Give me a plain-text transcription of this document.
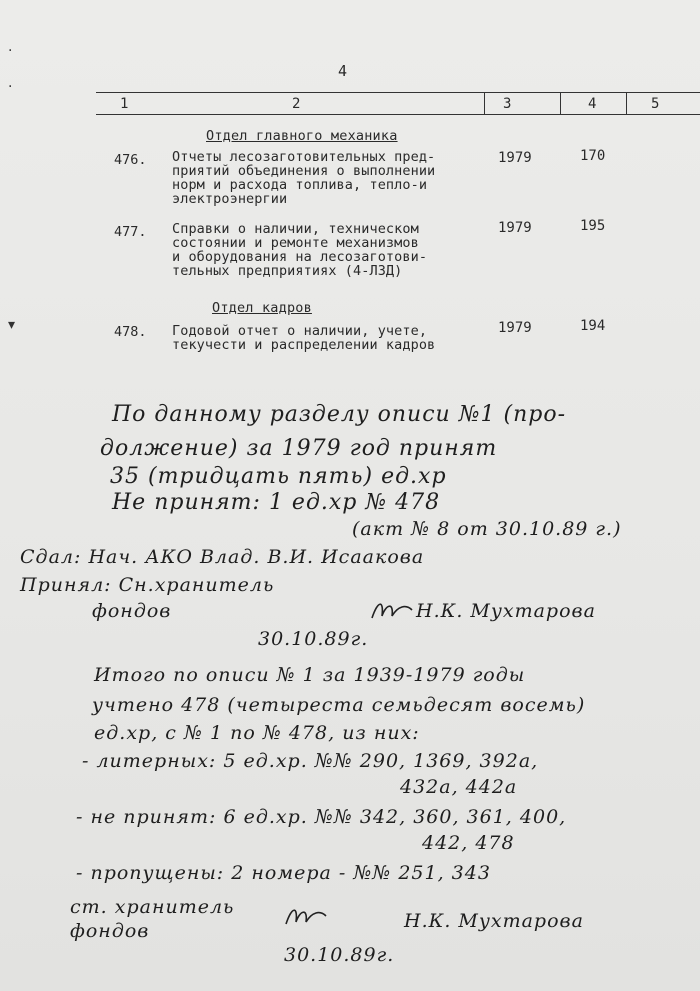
·
·
▾
4
1	2	3	4	5
Отдел главного механика
476. Отчеты лесозаготовительных пред-
приятий объединения о выполнении
норм и расхода топлива, тепло-и
электроэнергии
1979	170
477. Справки о наличии, техническом
состоянии и ремонте механизмов
и оборудования на лесозаготови-
тельных предприятиях (4-ЛЗД)
1979	195
Отдел кадров
478. Годовой отчет о наличии, учете,
текучести и распределении кадров
1979	194
По данному разделу описи №1 (про-
должение) за 1979 год принят
35 (тридцать пять) ед.хр
Не принят: 1 ед.хр № 478
(акт № 8 от 30.10.89 г.)
Сдал: Нач. АКО Влад. В.И. Исаакова
Принял: Сн.хранитель
фондов	Н.К. Мухтарова
30.10.89г.
Итого по описи № 1 за 1939-1979 годы
учтено 478 (четыреста семьдесят восемь)
ед.хр, с № 1 по № 478, из них:
- литерных: 5 ед.хр. №№ 290, 1369, 392а,
432а, 442а
- не принят: 6 ед.хр. №№ 342, 360, 361, 400,
442, 478
- пропущены: 2 номера - №№ 251, 343
ст. хранитель
фондов	Н.К. Мухтарова
30.10.89г.
